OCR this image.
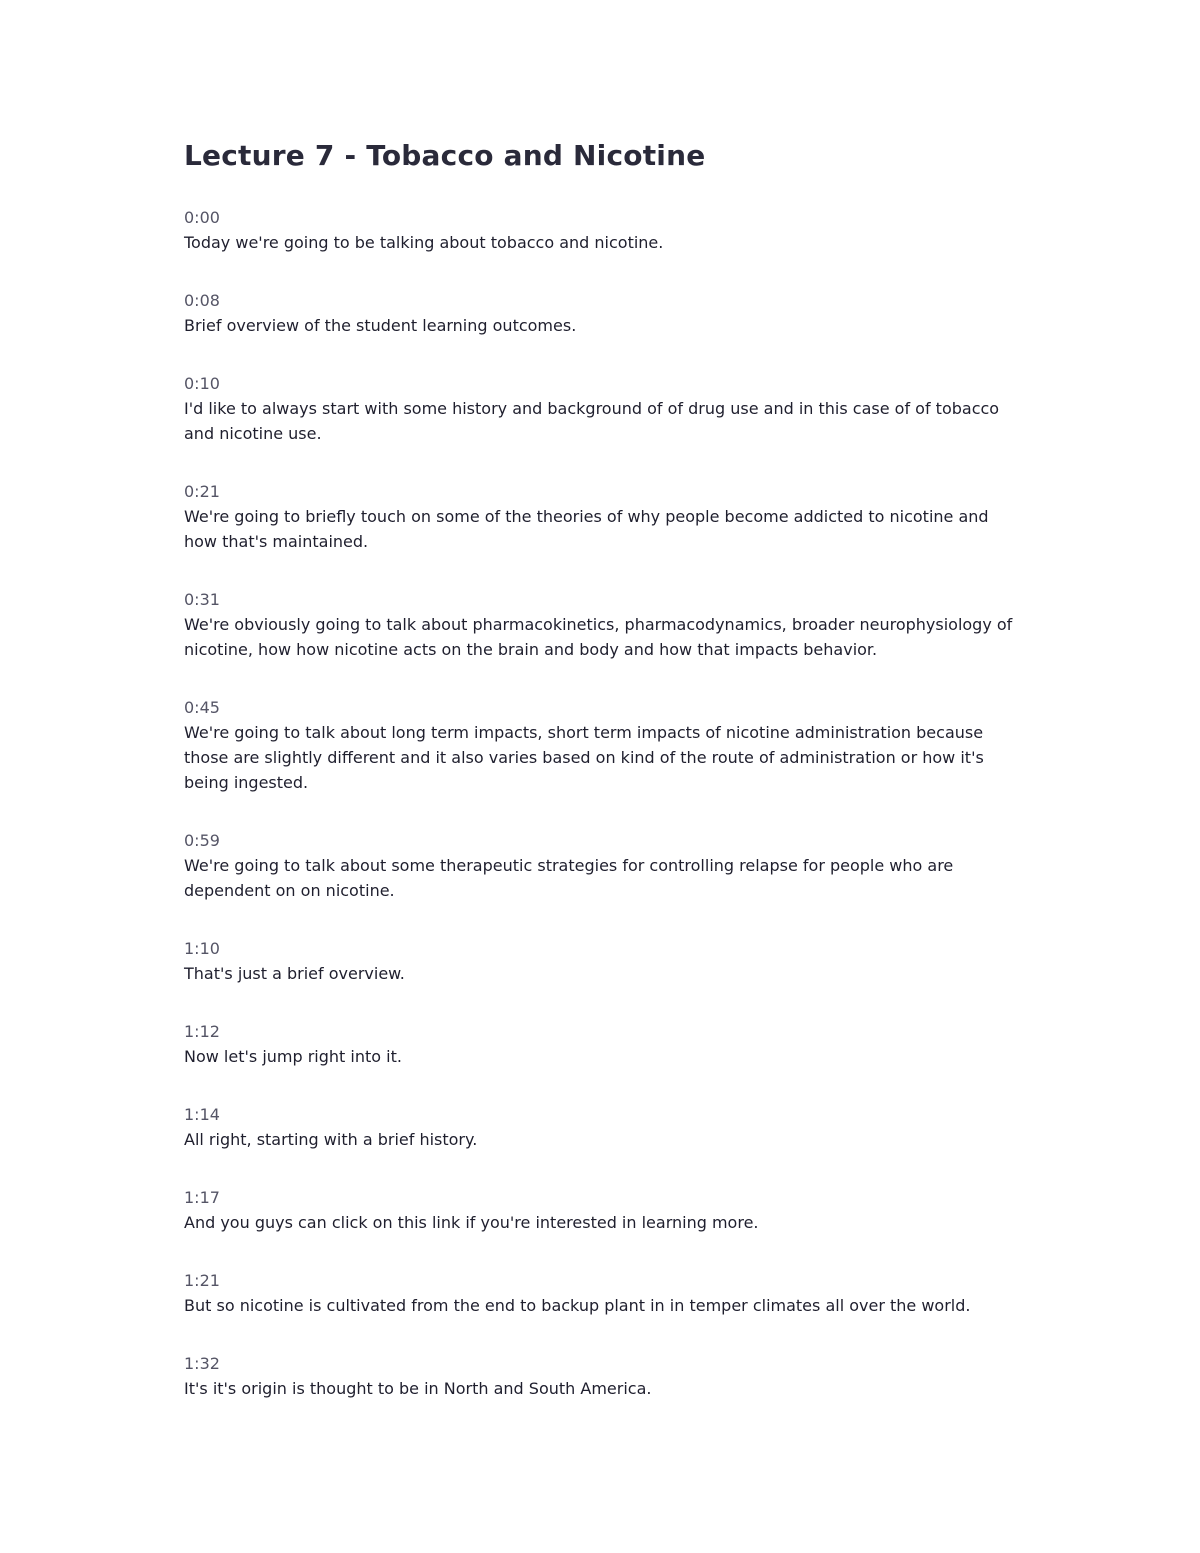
Lecture 7 - Tobacco and Nicotine
0:00
Today we're going to be talking about tobacco and nicotine.
0:08
Brief overview of the student learning outcomes.
0:10
I'd like to always start with some history and background of of drug use and in this case of of tobacco and nicotine use.
0:21
We're going to briefly touch on some of the theories of why people become addicted to nicotine and how that's maintained.
0:31
We're obviously going to talk about pharmacokinetics, pharmacodynamics, broader neurophysiology of nicotine, how how nicotine acts on the brain and body and how that impacts behavior.
0:45
We're going to talk about long term impacts, short term impacts of nicotine administration because those are slightly different and it also varies based on kind of the route of administration or how it's being ingested.
0:59
We're going to talk about some therapeutic strategies for controlling relapse for people who are dependent on on nicotine.
1:10
That's just a brief overview.
1:12
Now let's jump right into it.
1:14
All right, starting with a brief history.
1:17
And you guys can click on this link if you're interested in learning more.
1:21
But so nicotine is cultivated from the end to backup plant in in temper climates all over the world.
1:32
It's it's origin is thought to be in North and South America.
